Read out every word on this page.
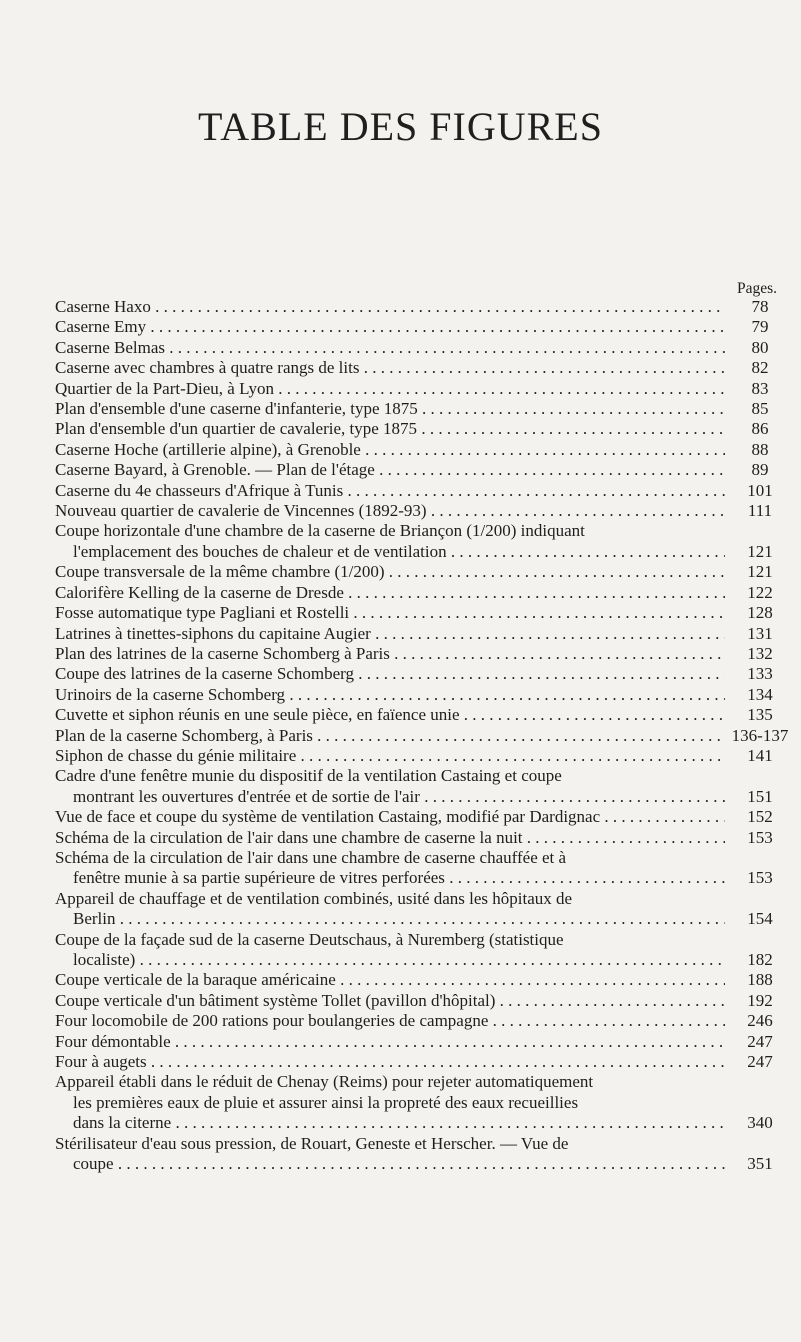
TABLE DES FIGURES
Pages.
Caserne Haxo . . .	78
Caserne Emy . . .	79
Caserne Belmas . . .	80
Caserne avec chambres à quatre rangs de lits . . .	82
Quartier de la Part-Dieu, à Lyon . . .	83
Plan d'ensemble d'une caserne d'infanterie, type 1875 . . .	85
Plan d'ensemble d'un quartier de cavalerie, type 1875 . . .	86
Caserne Hoche (artillerie alpine), à Grenoble . . .	88
Caserne Bayard, à Grenoble. — Plan de l'étage . . .	89
Caserne du 4e chasseurs d'Afrique à Tunis . . .	101
Nouveau quartier de cavalerie de Vincennes (1892-93) . . .	111
Coupe horizontale d'une chambre de la caserne de Briançon (1/200) indiquant
l'emplacement des bouches de chaleur et de ventilation . . .	121
Coupe transversale de la même chambre (1/200) . . .	121
Calorifère Kelling de la caserne de Dresde . . .	122
Fosse automatique type Pagliani et Rostelli . . .	128
Latrines à tinettes-siphons du capitaine Augier . . .	131
Plan des latrines de la caserne Schomberg à Paris . . .	132
Coupe des latrines de la caserne Schomberg . . .	133
Urinoirs de la caserne Schomberg . . .	134
Cuvette et siphon réunis en une seule pièce, en faïence unie . . .	135
Plan de la caserne Schomberg, à Paris . . .	136-137
Siphon de chasse du génie militaire . . .	141
Cadre d'une fenêtre munie du dispositif de la ventilation Castaing et coupe
montrant les ouvertures d'entrée et de sortie de l'air . . .	151
Vue de face et coupe du système de ventilation Castaing, modifié par Dardignac . . .	152
Schéma de la circulation de l'air dans une chambre de caserne la nuit . . .	153
Schéma de la circulation de l'air dans une chambre de caserne chauffée et à
fenêtre munie à sa partie supérieure de vitres perforées . . .	153
Appareil de chauffage et de ventilation combinés, usité dans les hôpitaux de
Berlin . . .	154
Coupe de la façade sud de la caserne Deutschaus, à Nuremberg (statistique
localiste) . . .	182
Coupe verticale de la baraque américaine . . .	188
Coupe verticale d'un bâtiment système Tollet (pavillon d'hôpital) . . .	192
Four locomobile de 200 rations pour boulangeries de campagne . . .	246
Four démontable . . .	247
Four à augets . . .	247
Appareil établi dans le réduit de Chenay (Reims) pour rejeter automatiquement
les premières eaux de pluie et assurer ainsi la propreté des eaux recueillies
dans la citerne . . .	340
Stérilisateur d'eau sous pression, de Rouart, Geneste et Herscher. — Vue de
coupe . . .	351
